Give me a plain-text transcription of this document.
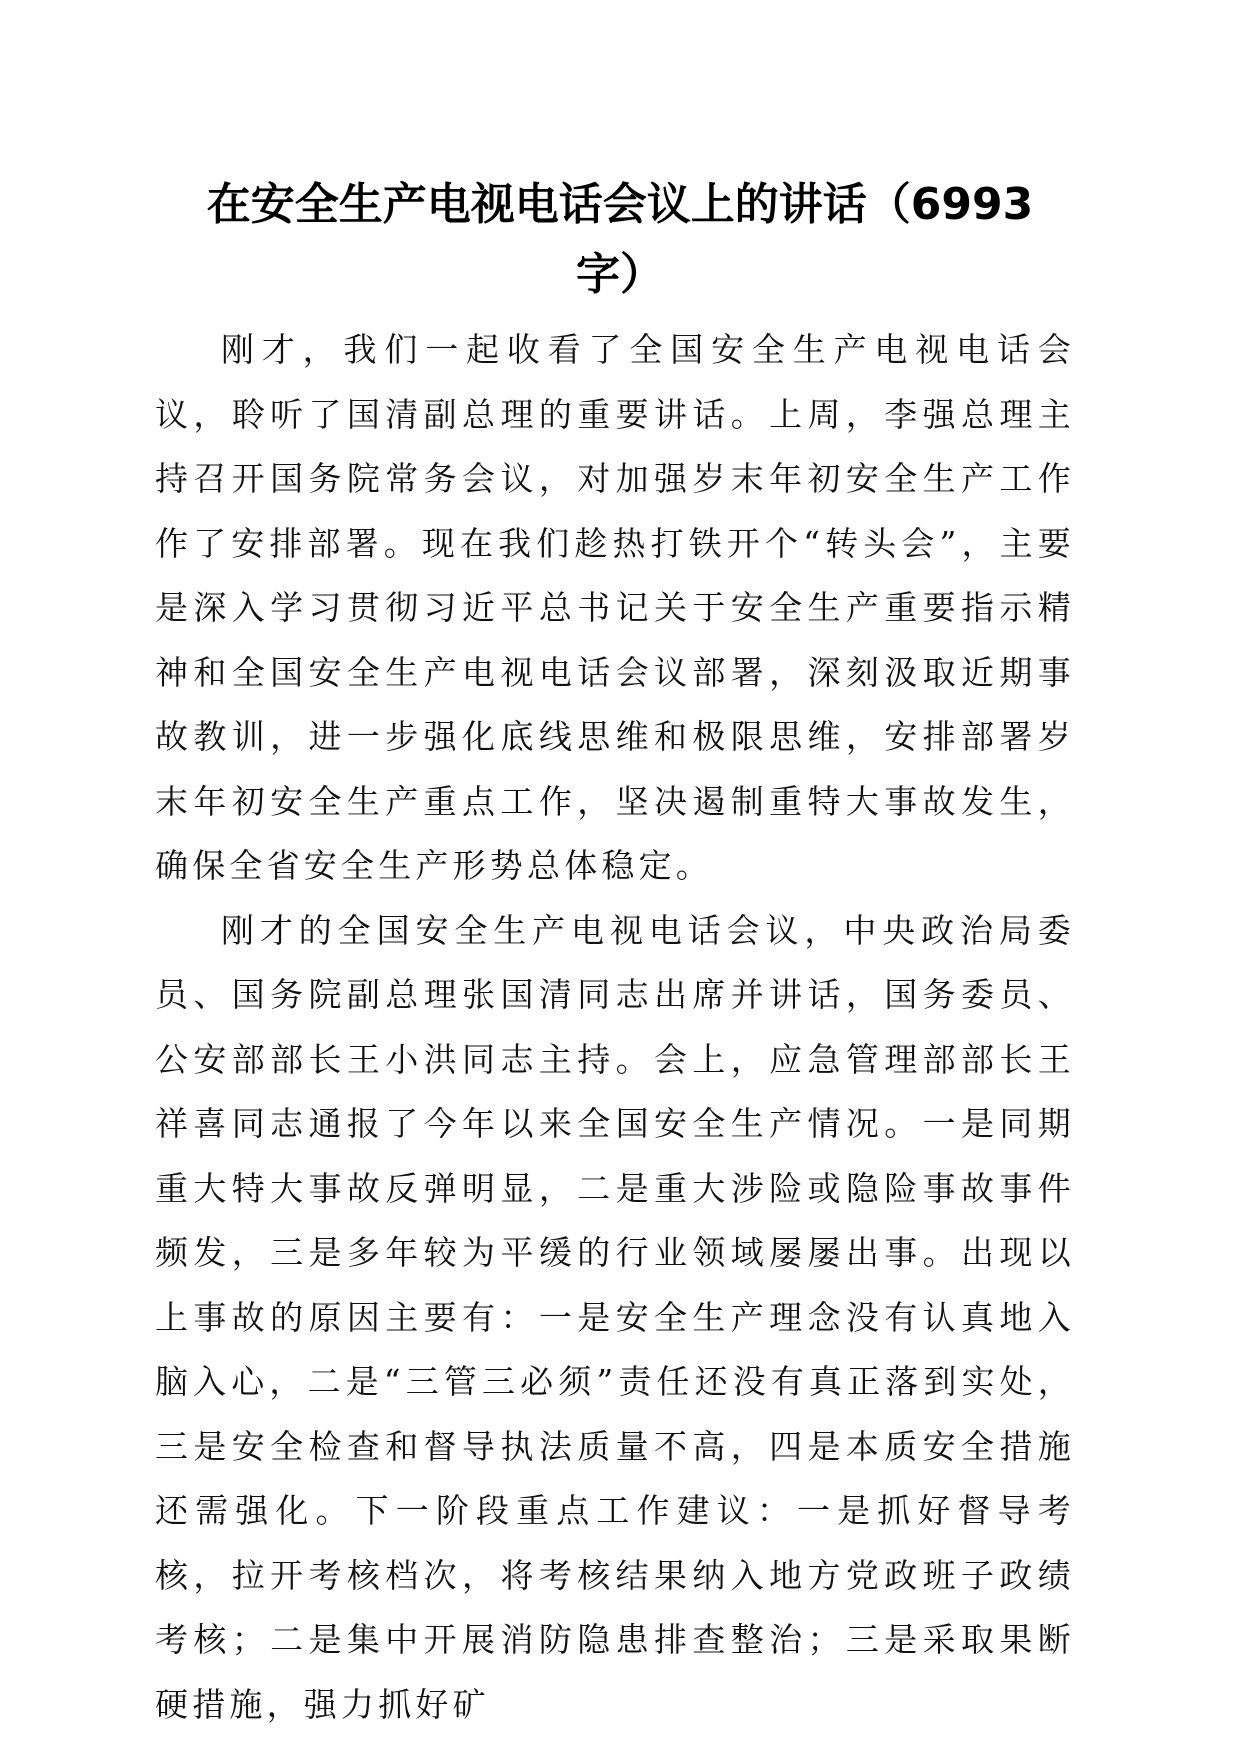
在安全生产电视电话会议上的讲话（6993字）

刚才，我们一起收看了全国安全生产电视电话会议，聆听了国清副总理的重要讲话。上周，李强总理主持召开国务院常务会议，对加强岁末年初安全生产工作作了安排部署。现在我们趁热打铁开个“转头会”，主要是深入学习贯彻习近平总书记关于安全生产重要指示精神和全国安全生产电视电话会议部署，深刻汲取近期事故教训，进一步强化底线思维和极限思维，安排部署岁末年初安全生产重点工作，坚决遏制重特大事故发生，确保全省安全生产形势总体稳定。

刚才的全国安全生产电视电话会议，中央政治局委员、国务院副总理张国清同志出席并讲话，国务委员、公安部部长王小洪同志主持。会上，应急管理部部长王祥喜同志通报了今年以来全国安全生产情况。一是同期重大特大事故反弹明显，二是重大涉险或隐险事故事件频发，三是多年较为平缓的行业领域屡屡出事。出现以上事故的原因主要有：一是安全生产理念没有认真地入脑入心，二是“三管三必须”责任还没有真正落到实处，三是安全检查和督导执法质量不高，四是本质安全措施还需强化。下一阶段重点工作建议：一是抓好督导考核，拉开考核档次，将考核结果纳入地方党政班子政绩考核；二是集中开展消防隐患排查整治；三是采取果断硬措施，强力抓好矿
